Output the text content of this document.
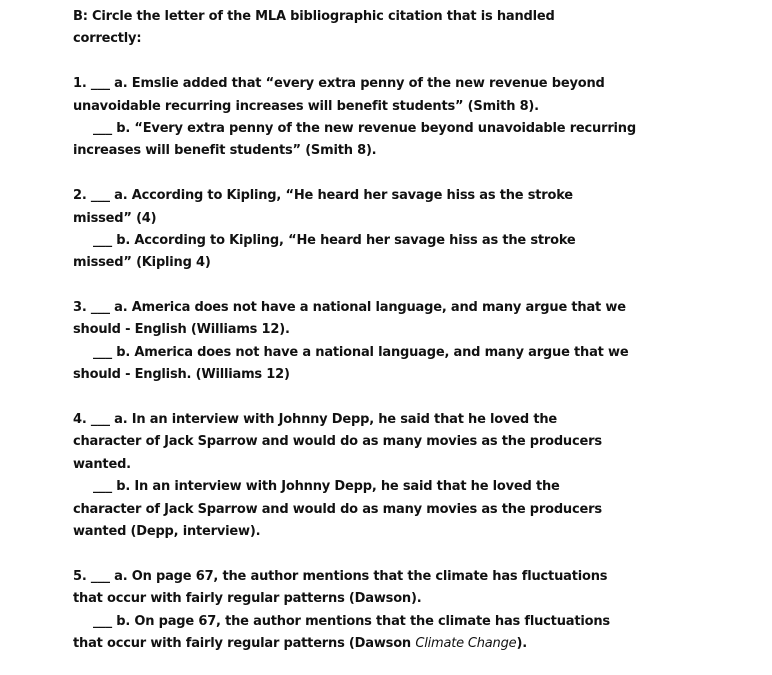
B: Circle the letter of the MLA bibliographic citation that is handled
correctly:
1. ___ a. Emslie added that “every extra penny of the new revenue beyond
unavoidable recurring increases will benefit students” (Smith 8).
___ b. “Every extra penny of the new revenue beyond unavoidable recurring
increases will benefit students” (Smith 8).
2. ___ a. According to Kipling, “He heard her savage hiss as the stroke
missed” (4)
___ b. According to Kipling, “He heard her savage hiss as the stroke
missed” (Kipling 4)
3. ___ a. America does not have a national language, and many argue that we
should - English (Williams 12).
___ b. America does not have a national language, and many argue that we
should - English. (Williams 12)
4. ___ a. In an interview with Johnny Depp, he said that he loved the
character of Jack Sparrow and would do as many movies as the producers
wanted.
___ b. In an interview with Johnny Depp, he said that he loved the
character of Jack Sparrow and would do as many movies as the producers
wanted (Depp, interview).
5. ___ a. On page 67, the author mentions that the climate has fluctuations
that occur with fairly regular patterns (Dawson).
___ b. On page 67, the author mentions that the climate has fluctuations
that occur with fairly regular patterns (Dawson Climate Change).
